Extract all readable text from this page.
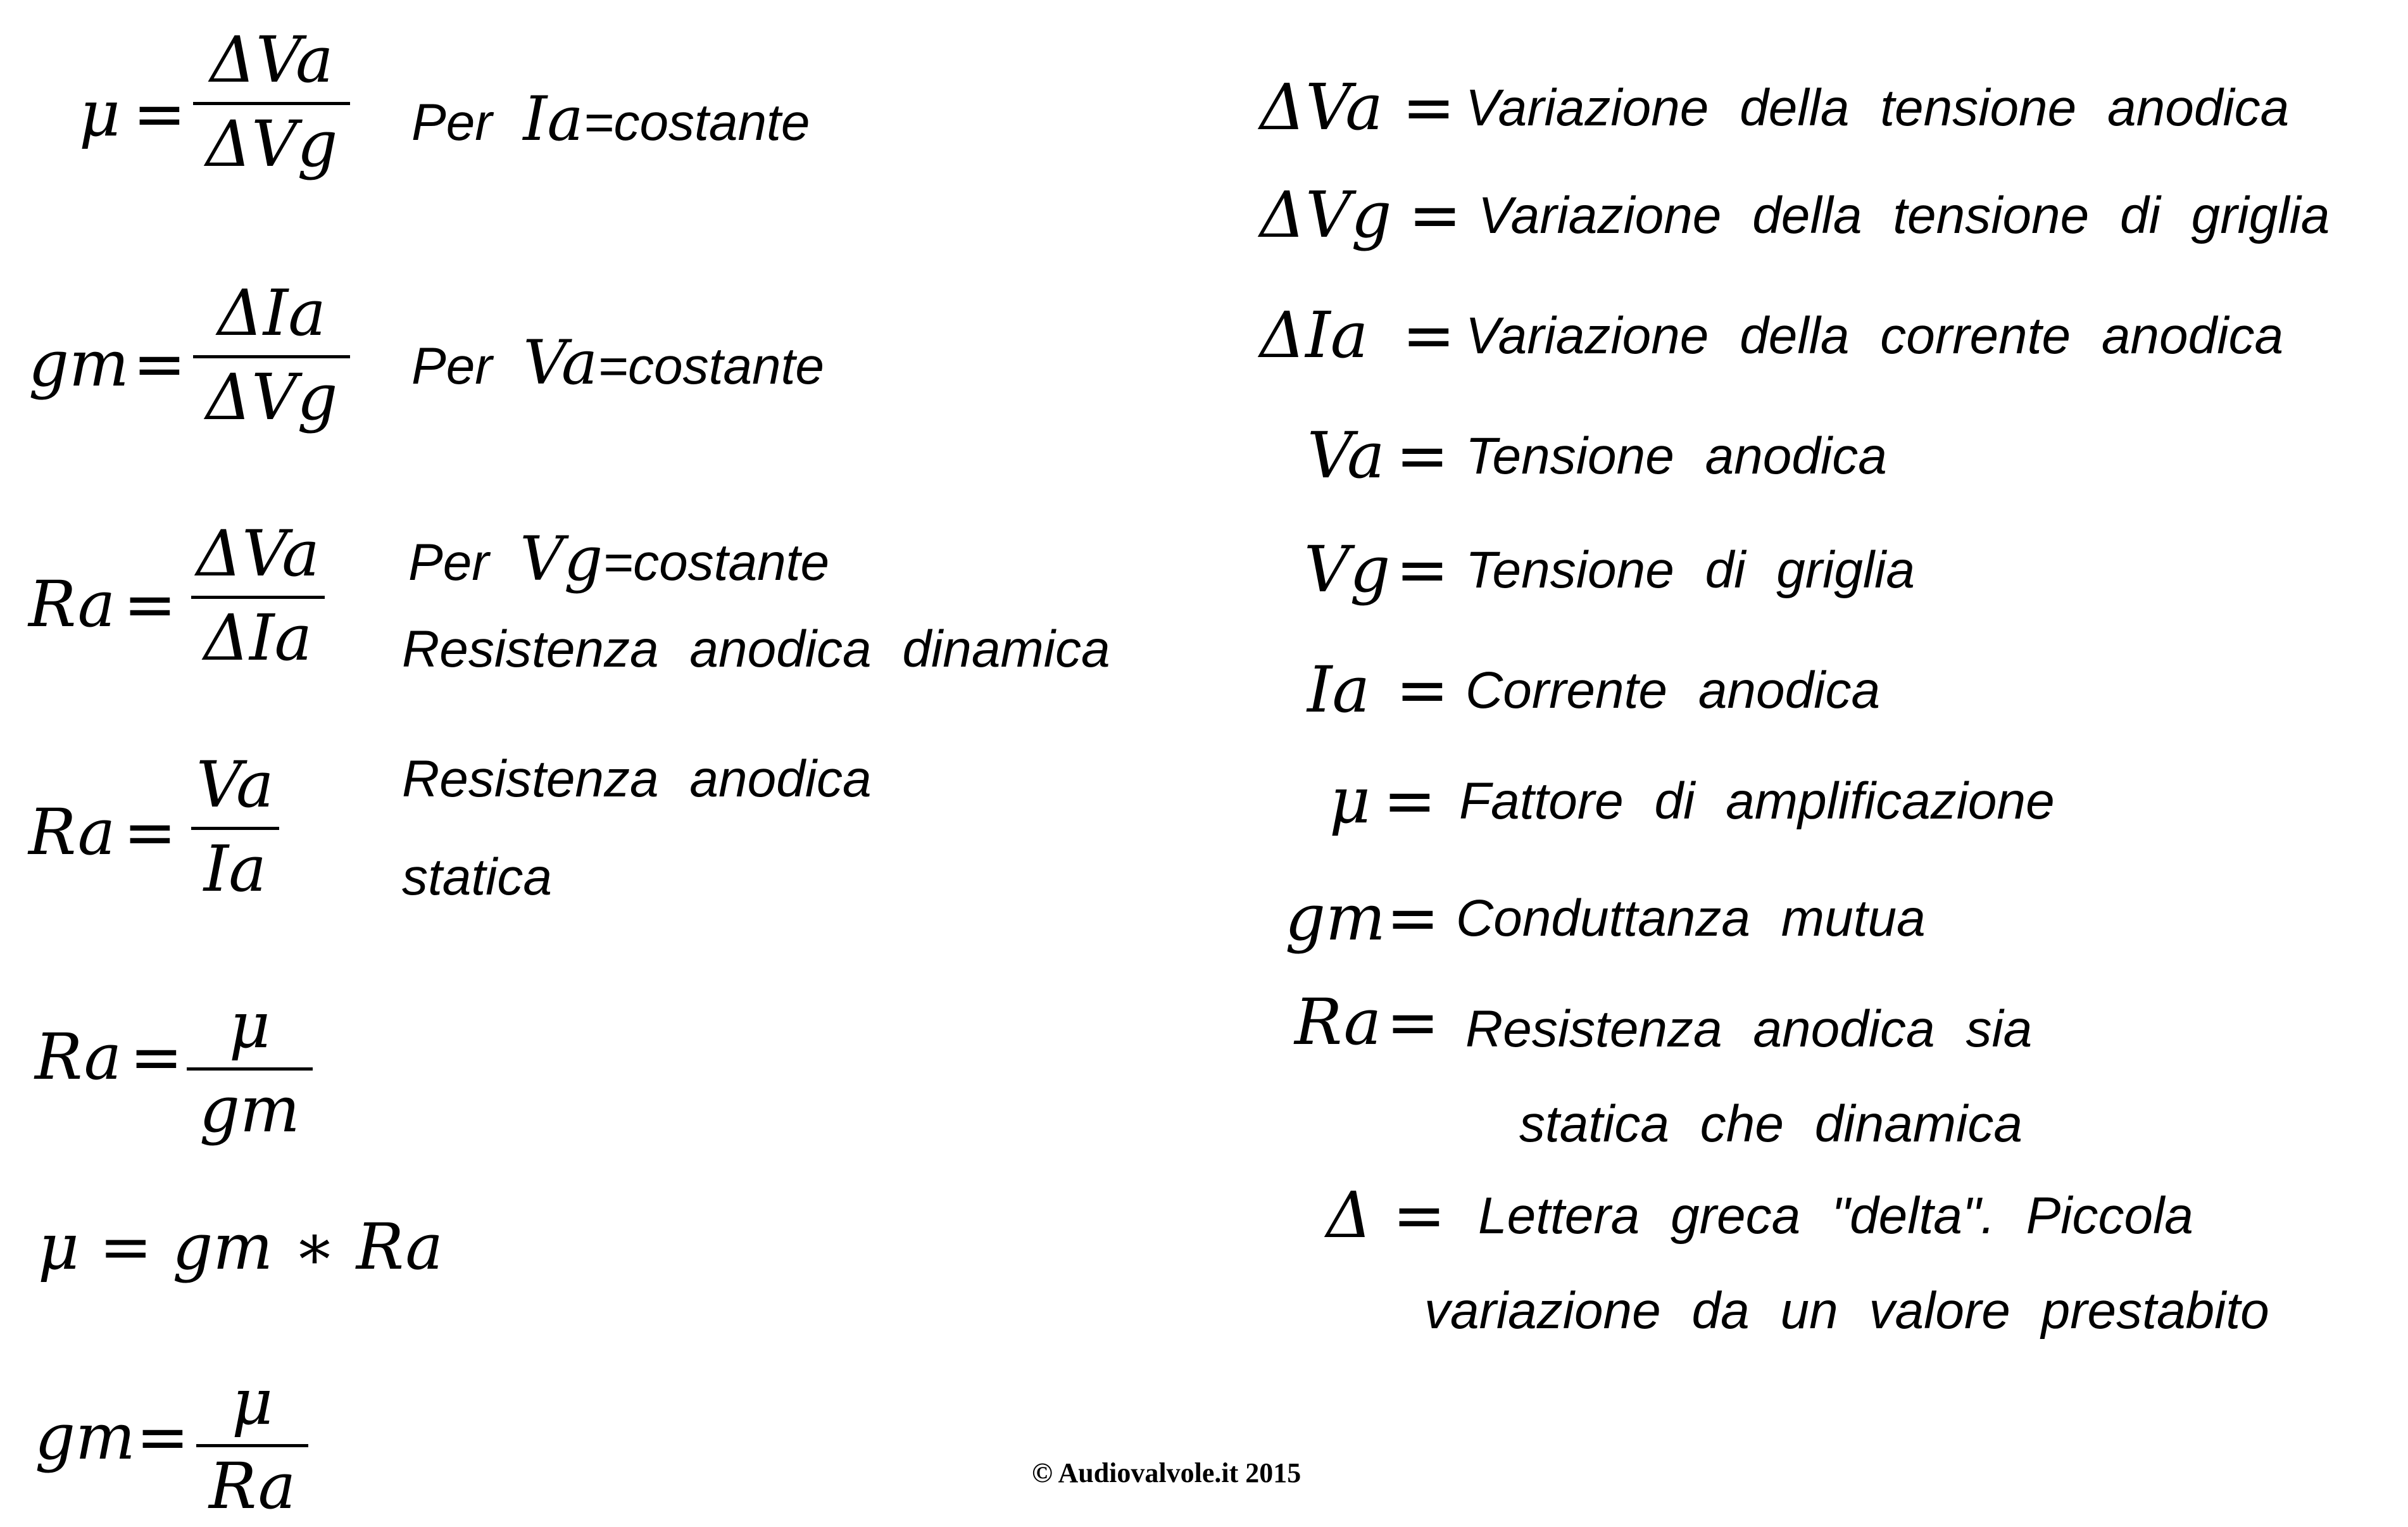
μ =
ΔVa
ΔVg Per Ia=costante
gm =
ΔIa
ΔVg Per Va=costante
Ra =
ΔVa
ΔIa
Per Vg=costante
Resistenza anodica dinamica
$Ra = \frac{Va}{Ia}$ Resistenza anodica
statica
$Ra = \frac{\mu}{gm}$
μ = gm ∗ Ra
gm = $\frac{\mu}{Ra}$
ΔVa = Variazione della tensione anodica
ΔVg = Variazione della tensione di griglia
ΔIa = Variazione della corrente anodica
Va = Tensione anodica
Vg = Tensione di griglia
Ia = Corrente anodica
μ = Fattore di amplificazione
gm = Conduttanza mutua
Ra = Resistenza anodica sia
statica che dinamica
Δ = Lettera greca "delta". Piccola
variazione da un valore prestabito
© Audiovalvole.it 2015
